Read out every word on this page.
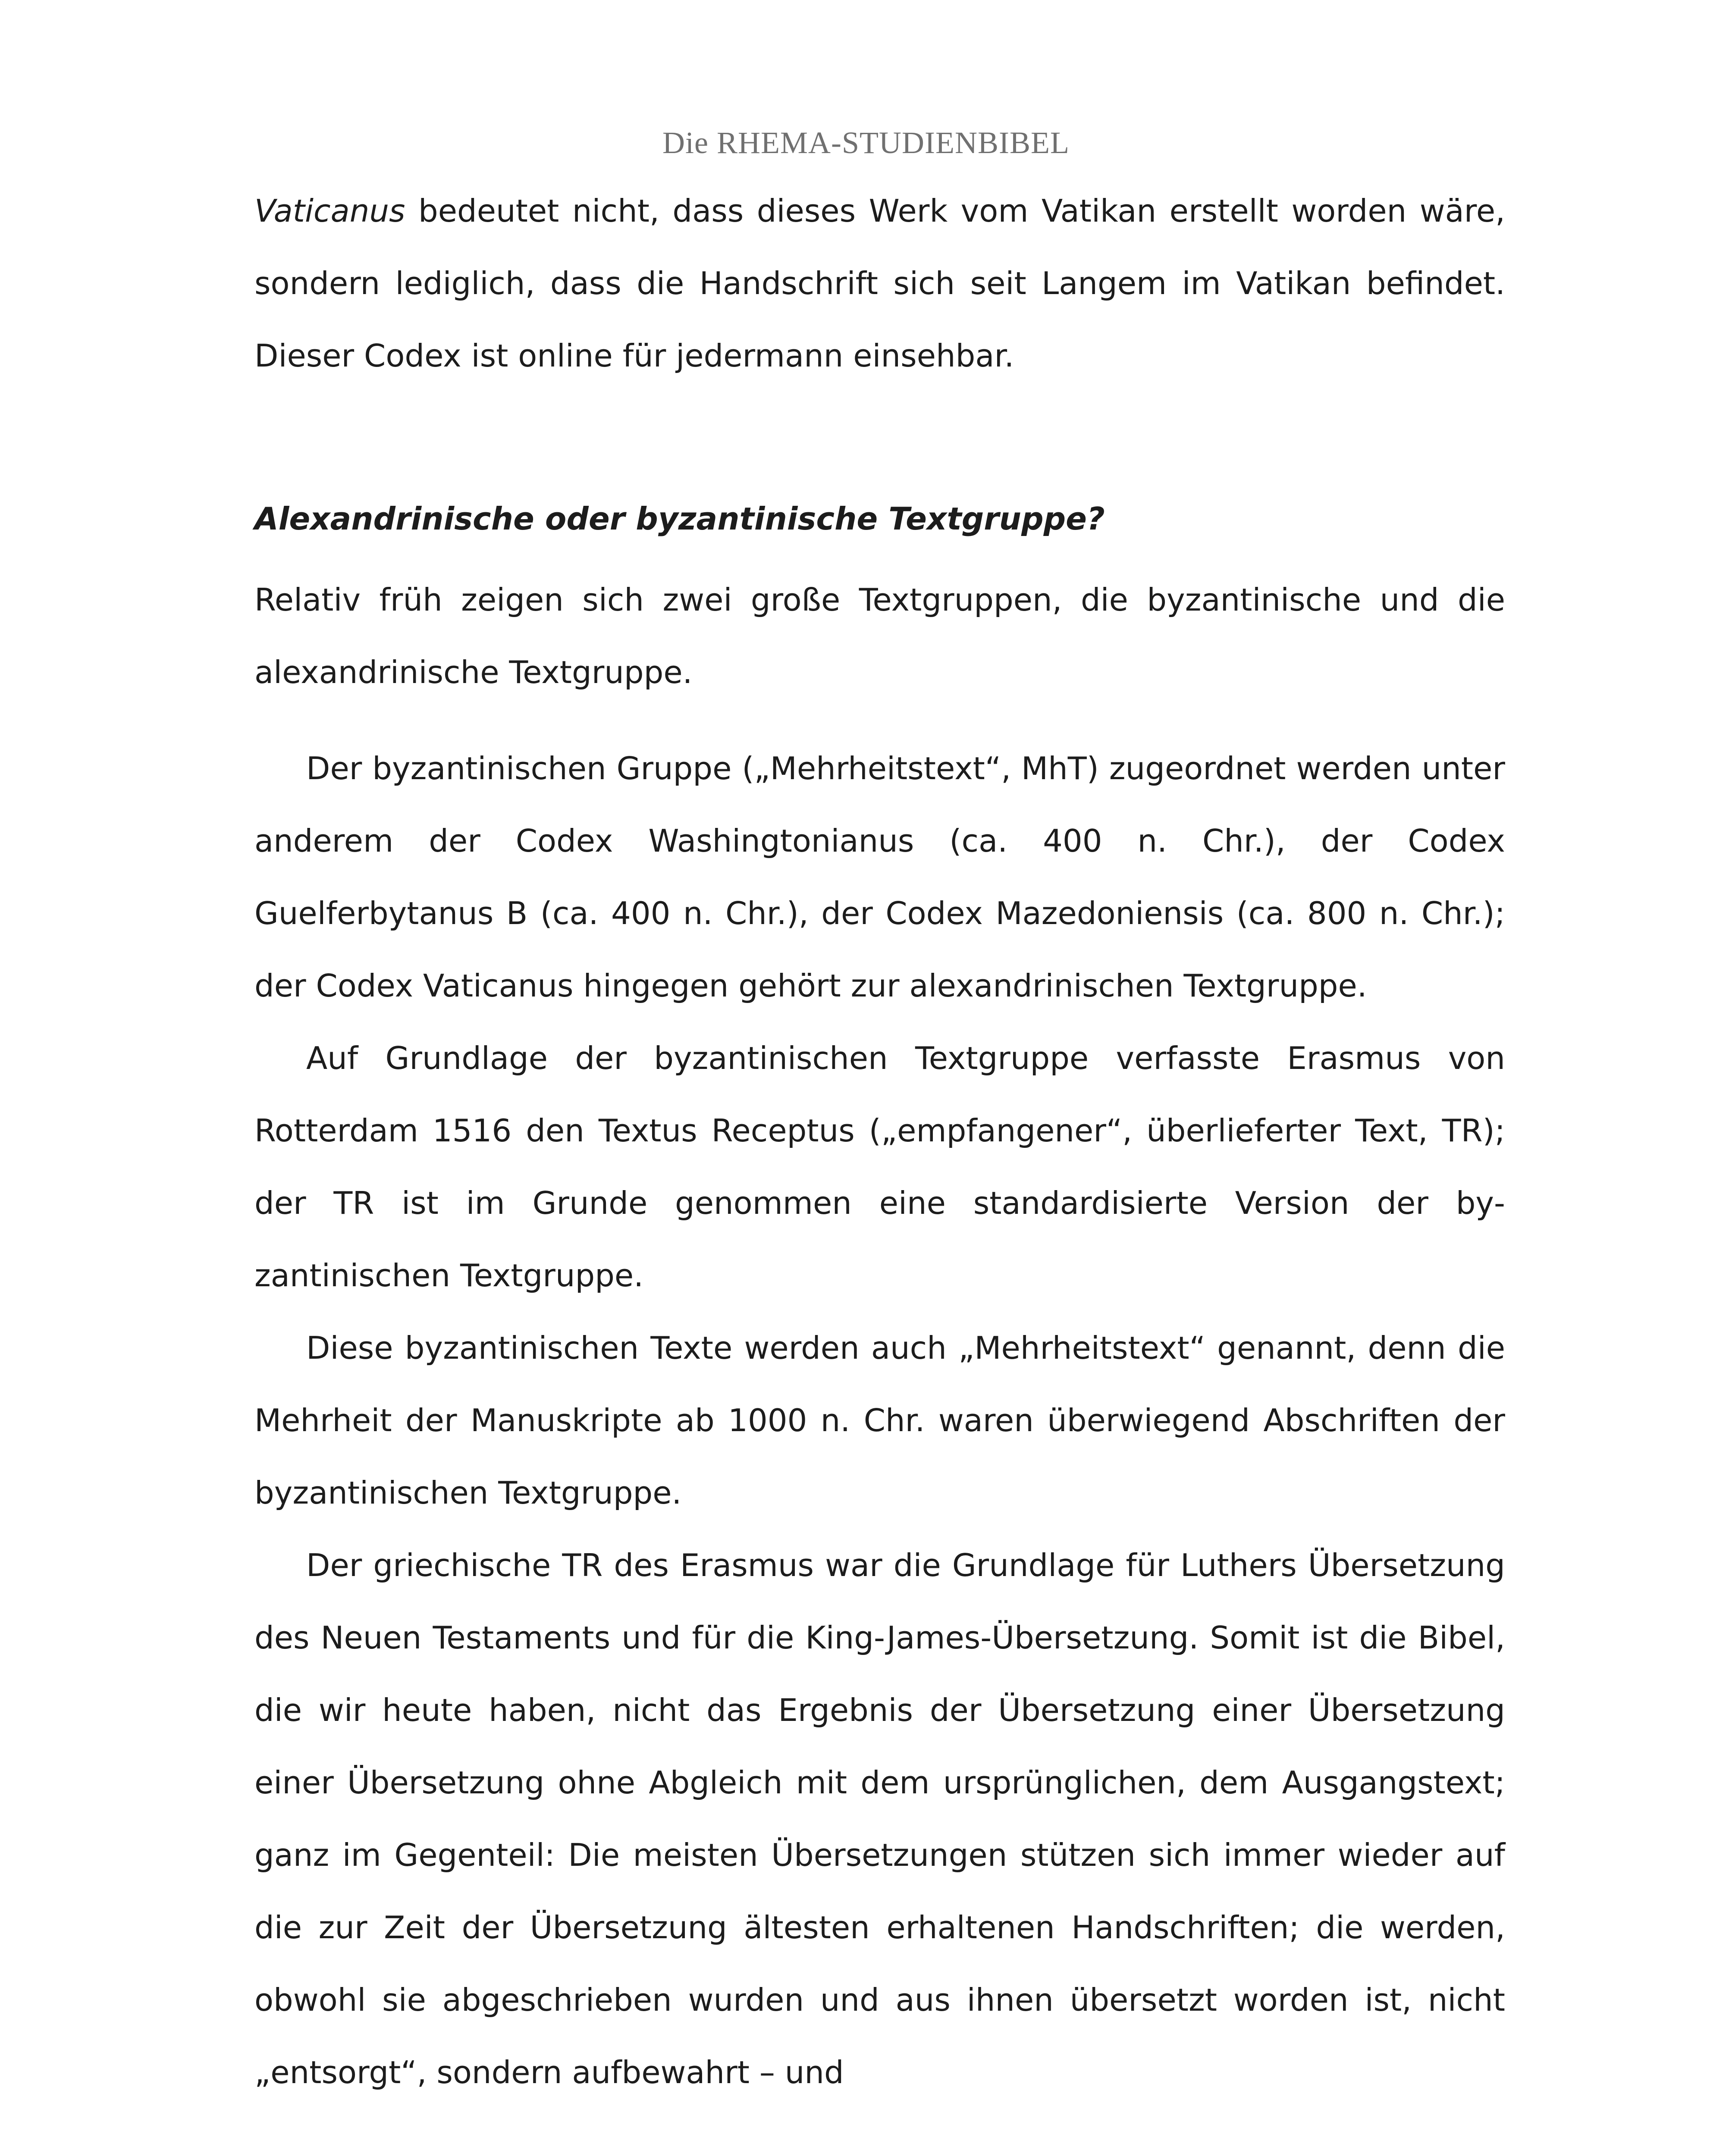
Die RHEMA-STUDIENBIBEL

Vaticanus bedeutet nicht, dass dieses Werk vom Vatikan erstellt worden wäre, sondern lediglich, dass die Handschrift sich seit Langem im Vatikan befindet. Dieser Codex ist online für jedermann einsehbar.

Alexandrinische oder byzantinische Textgruppe?

Relativ früh zeigen sich zwei große Textgruppen, die byzantinische und die alexandrinische Textgruppe.

Der byzantinischen Gruppe („Mehrheitstext“, MhT) zugeordnet werden unter anderem der Codex Washingtonianus (ca. 400 n. Chr.), der Codex Guelferbytanus B (ca. 400 n. Chr.), der Codex Mazedoniensis (ca. 800 n. Chr.); der Codex Vaticanus hingegen gehört zur alexandrinischen Textgruppe.

Auf Grundlage der byzantinischen Textgruppe verfasste Erasmus von Rotterdam 1516 den Textus Receptus („empfangener“, überlieferter Text, TR); der TR ist im Grunde genommen eine standardisierte Version der byzantinischen Textgruppe.

Diese byzantinischen Texte werden auch „Mehrheitstext“ genannt, denn die Mehrheit der Manuskripte ab 1000 n. Chr. waren überwiegend Abschriften der byzantinischen Textgruppe.

Der griechische TR des Erasmus war die Grundlage für Luthers Übersetzung des Neuen Testaments und für die King-James-Übersetzung. Somit ist die Bibel, die wir heute haben, nicht das Ergebnis der Übersetzung einer Übersetzung einer Übersetzung ohne Abgleich mit dem ursprünglichen, dem Ausgangstext; ganz im Gegenteil: Die meisten Übersetzungen stützen sich immer wieder auf die zur Zeit der Übersetzung ältesten erhaltenen Handschriften; die werden, obwohl sie abgeschrieben wurden und aus ihnen übersetzt worden ist, nicht „entsorgt“, sondern aufbewahrt – und
